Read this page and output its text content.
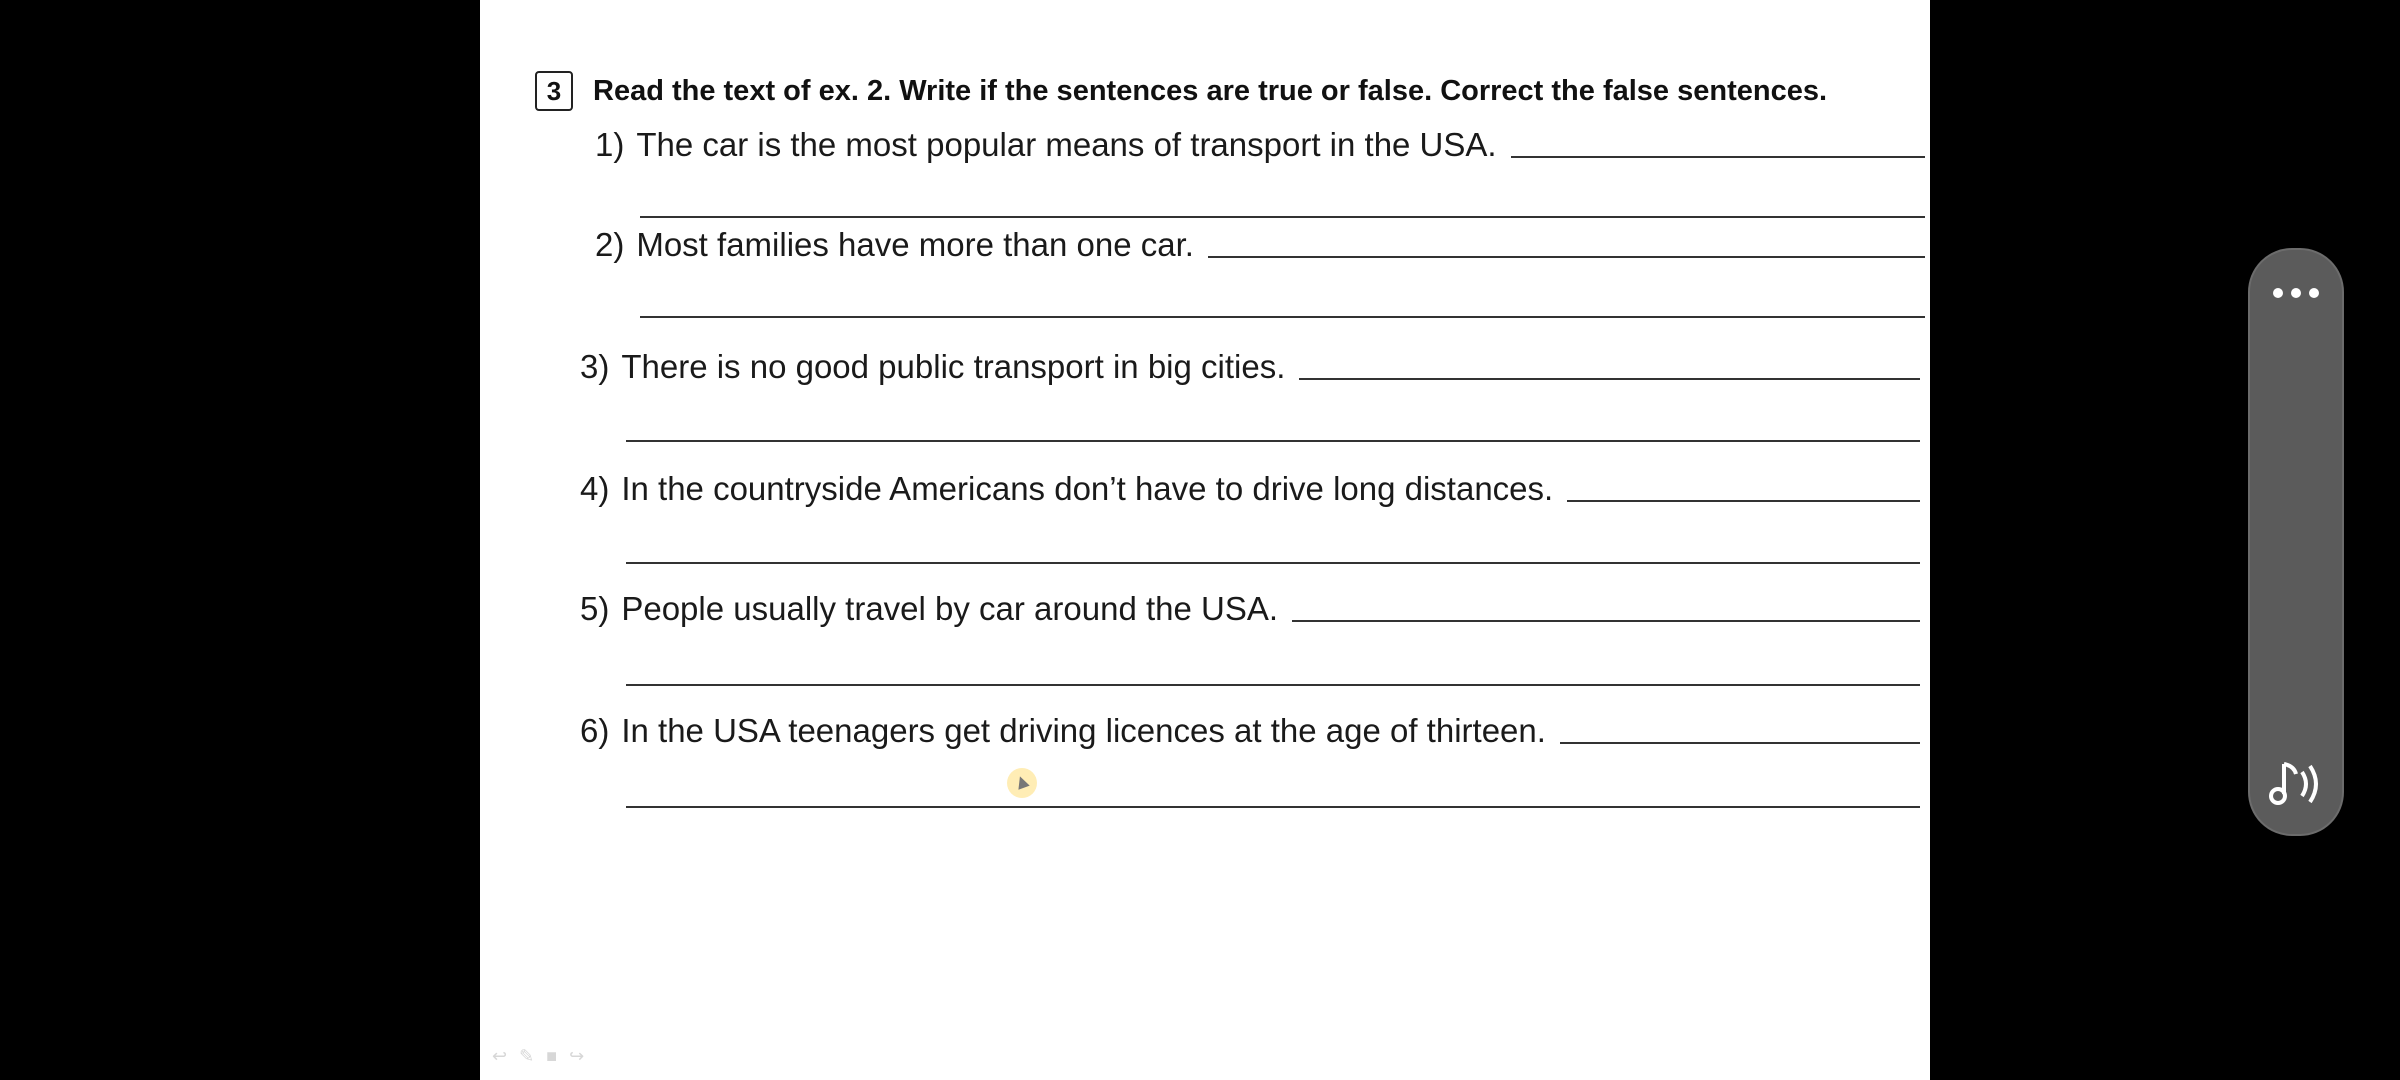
3	Read the text of ex. 2. Write if the sentences are true or false. Correct the false sentences.
1) The car is the most popular means of transport in the USA.
2) Most families have more than one car.
3) There is no good public transport in big cities.
4) In the countryside Americans don’t have to drive long distances.
5) People usually travel by car around the USA.
6) In the USA teenagers get driving licences at the age of thirteen.
↩ ✎ ■ ↪
